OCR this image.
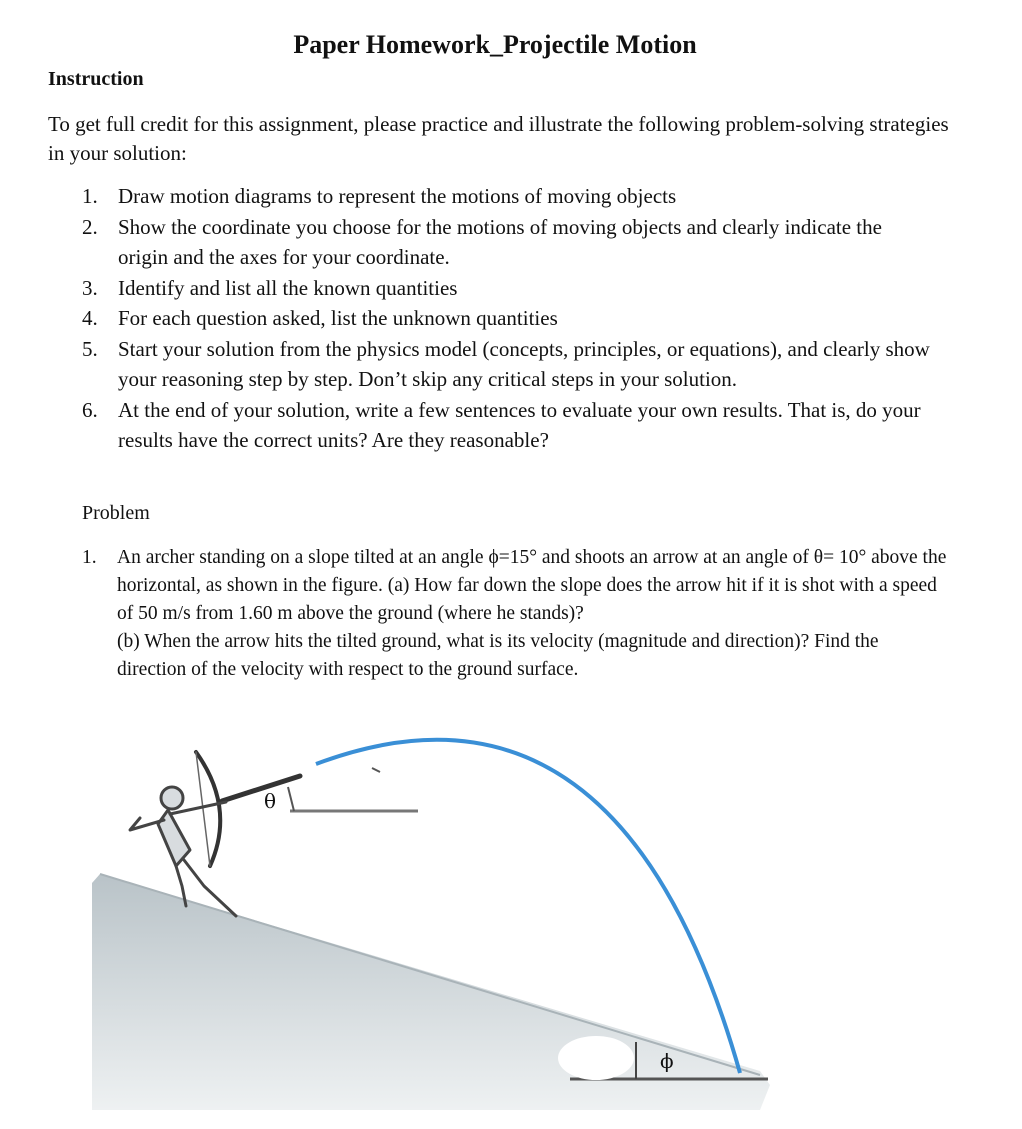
Paper Homework_Projectile Motion
Instruction
To get full credit for this assignment, please practice and illustrate the following problem-solving strategies in your solution:
1. Draw motion diagrams to represent the motions of moving objects
2. Show the coordinate you choose for the motions of moving objects and clearly indicate the origin and the axes for your coordinate.
3. Identify and list all the known quantities
4. For each question asked, list the unknown quantities
5. Start your solution from the physics model (concepts, principles, or equations), and clearly show your reasoning step by step. Don’t skip any critical steps in your solution.
6. At the end of your solution, write a few sentences to evaluate your own results. That is, do your results have the correct units? Are they reasonable?
Problem
1. An archer standing on a slope tilted at an angle ϕ=15° and shoots an arrow at an angle of θ= 10° above the horizontal, as shown in the figure. (a) How far down the slope does the arrow hit if it is shot with a speed of 50 m/s from 1.60 m above the ground (where he stands)?
(b) When the arrow hits the tilted ground, what is its velocity (magnitude and direction)? Find the direction of the velocity with respect to the ground surface.
ϕ
θ
